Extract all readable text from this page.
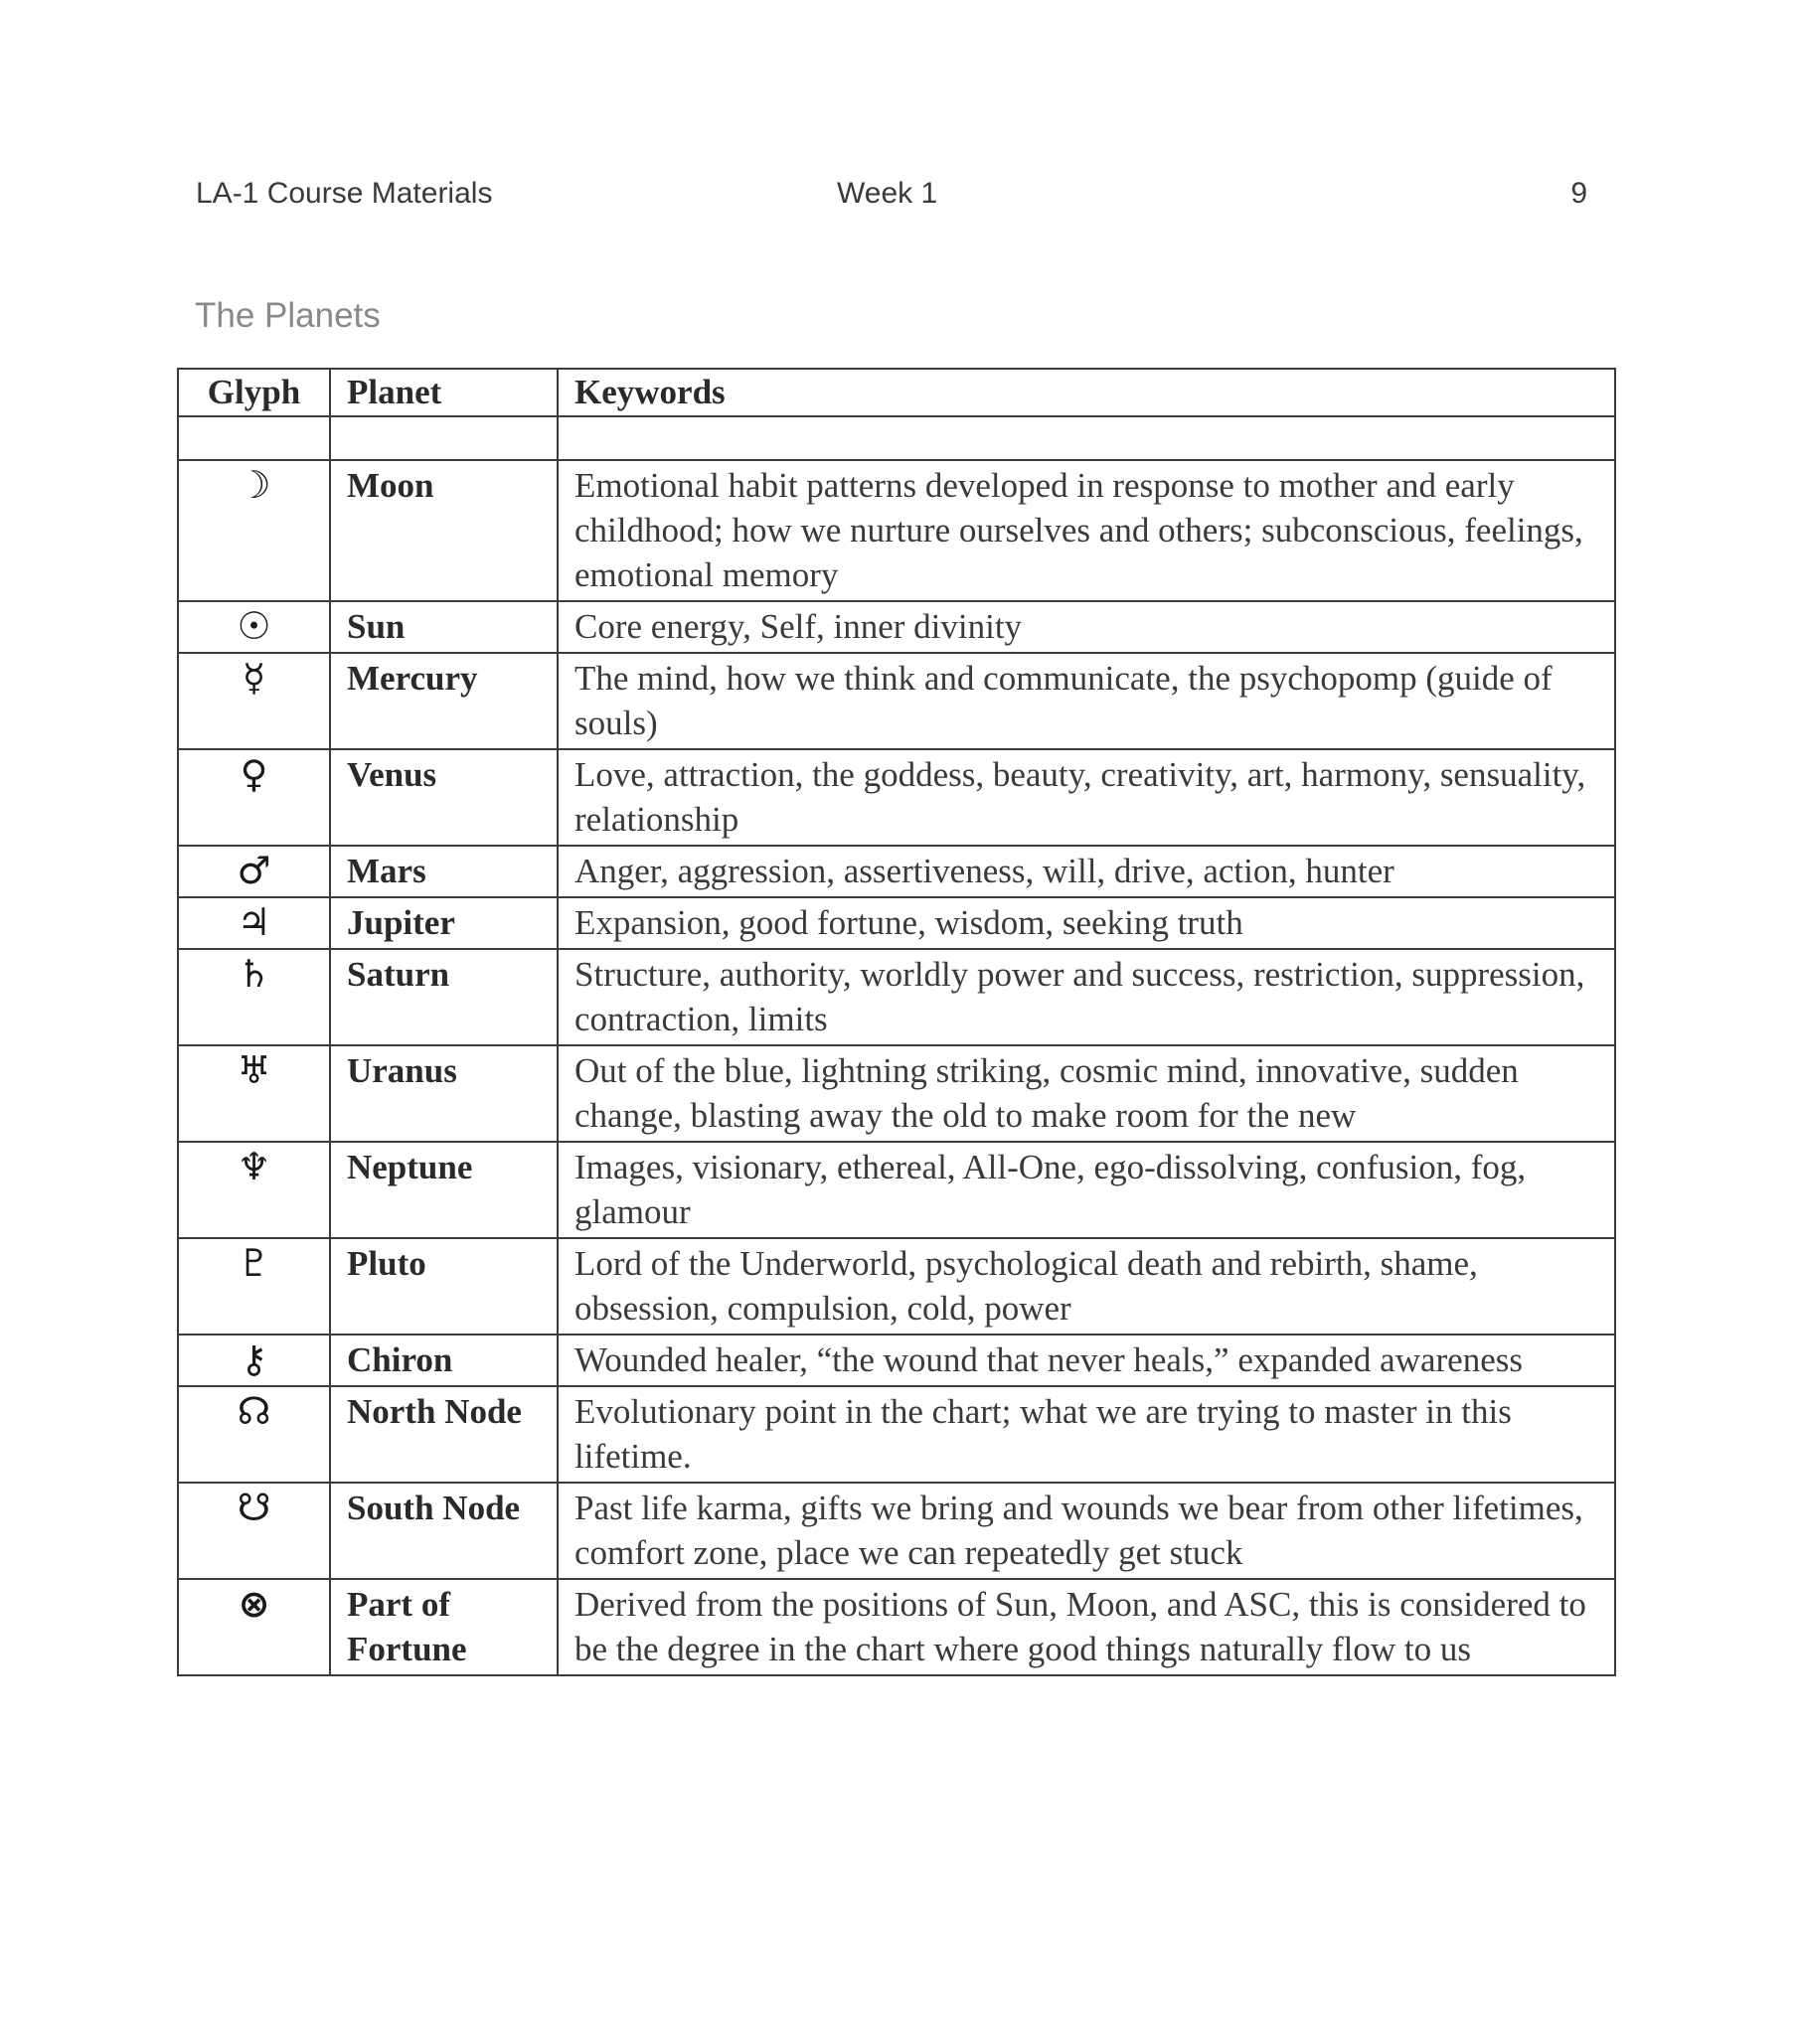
LA-1 Course Materials	Week 1	9
The Planets
Glyph	Planet	Keywords

☽	Moon	Emotional habit patterns developed in response to mother and early childhood; how we nurture ourselves and others; subconscious, feelings, emotional memory
☉	Sun	Core energy, Self, inner divinity
☿	Mercury	The mind, how we think and communicate, the psychopomp (guide of souls)
♀	Venus	Love, attraction, the goddess, beauty, creativity, art, harmony, sensuality, relationship
♂	Mars	Anger, aggression, assertiveness, will, drive, action, hunter
♃	Jupiter	Expansion, good fortune, wisdom, seeking truth
♄	Saturn	Structure, authority, worldly power and success, restriction, suppression, contraction, limits
♅	Uranus	Out of the blue, lightning striking, cosmic mind, innovative, sudden change, blasting away the old to make room for the new
♆	Neptune	Images, visionary, ethereal, All-One, ego-dissolving, confusion, fog, glamour
♇	Pluto	Lord of the Underworld, psychological death and rebirth, shame, obsession, compulsion, cold, power
⚷	Chiron	Wounded healer, “the wound that never heals,” expanded awareness
☊	North Node	Evolutionary point in the chart; what we are trying to master in this lifetime.
☋	South Node	Past life karma, gifts we bring and wounds we bear from other lifetimes, comfort zone, place we can repeatedly get stuck
⊗	Part of Fortune	Derived from the positions of Sun, Moon, and ASC, this is considered to be the degree in the chart where good things naturally flow to us
